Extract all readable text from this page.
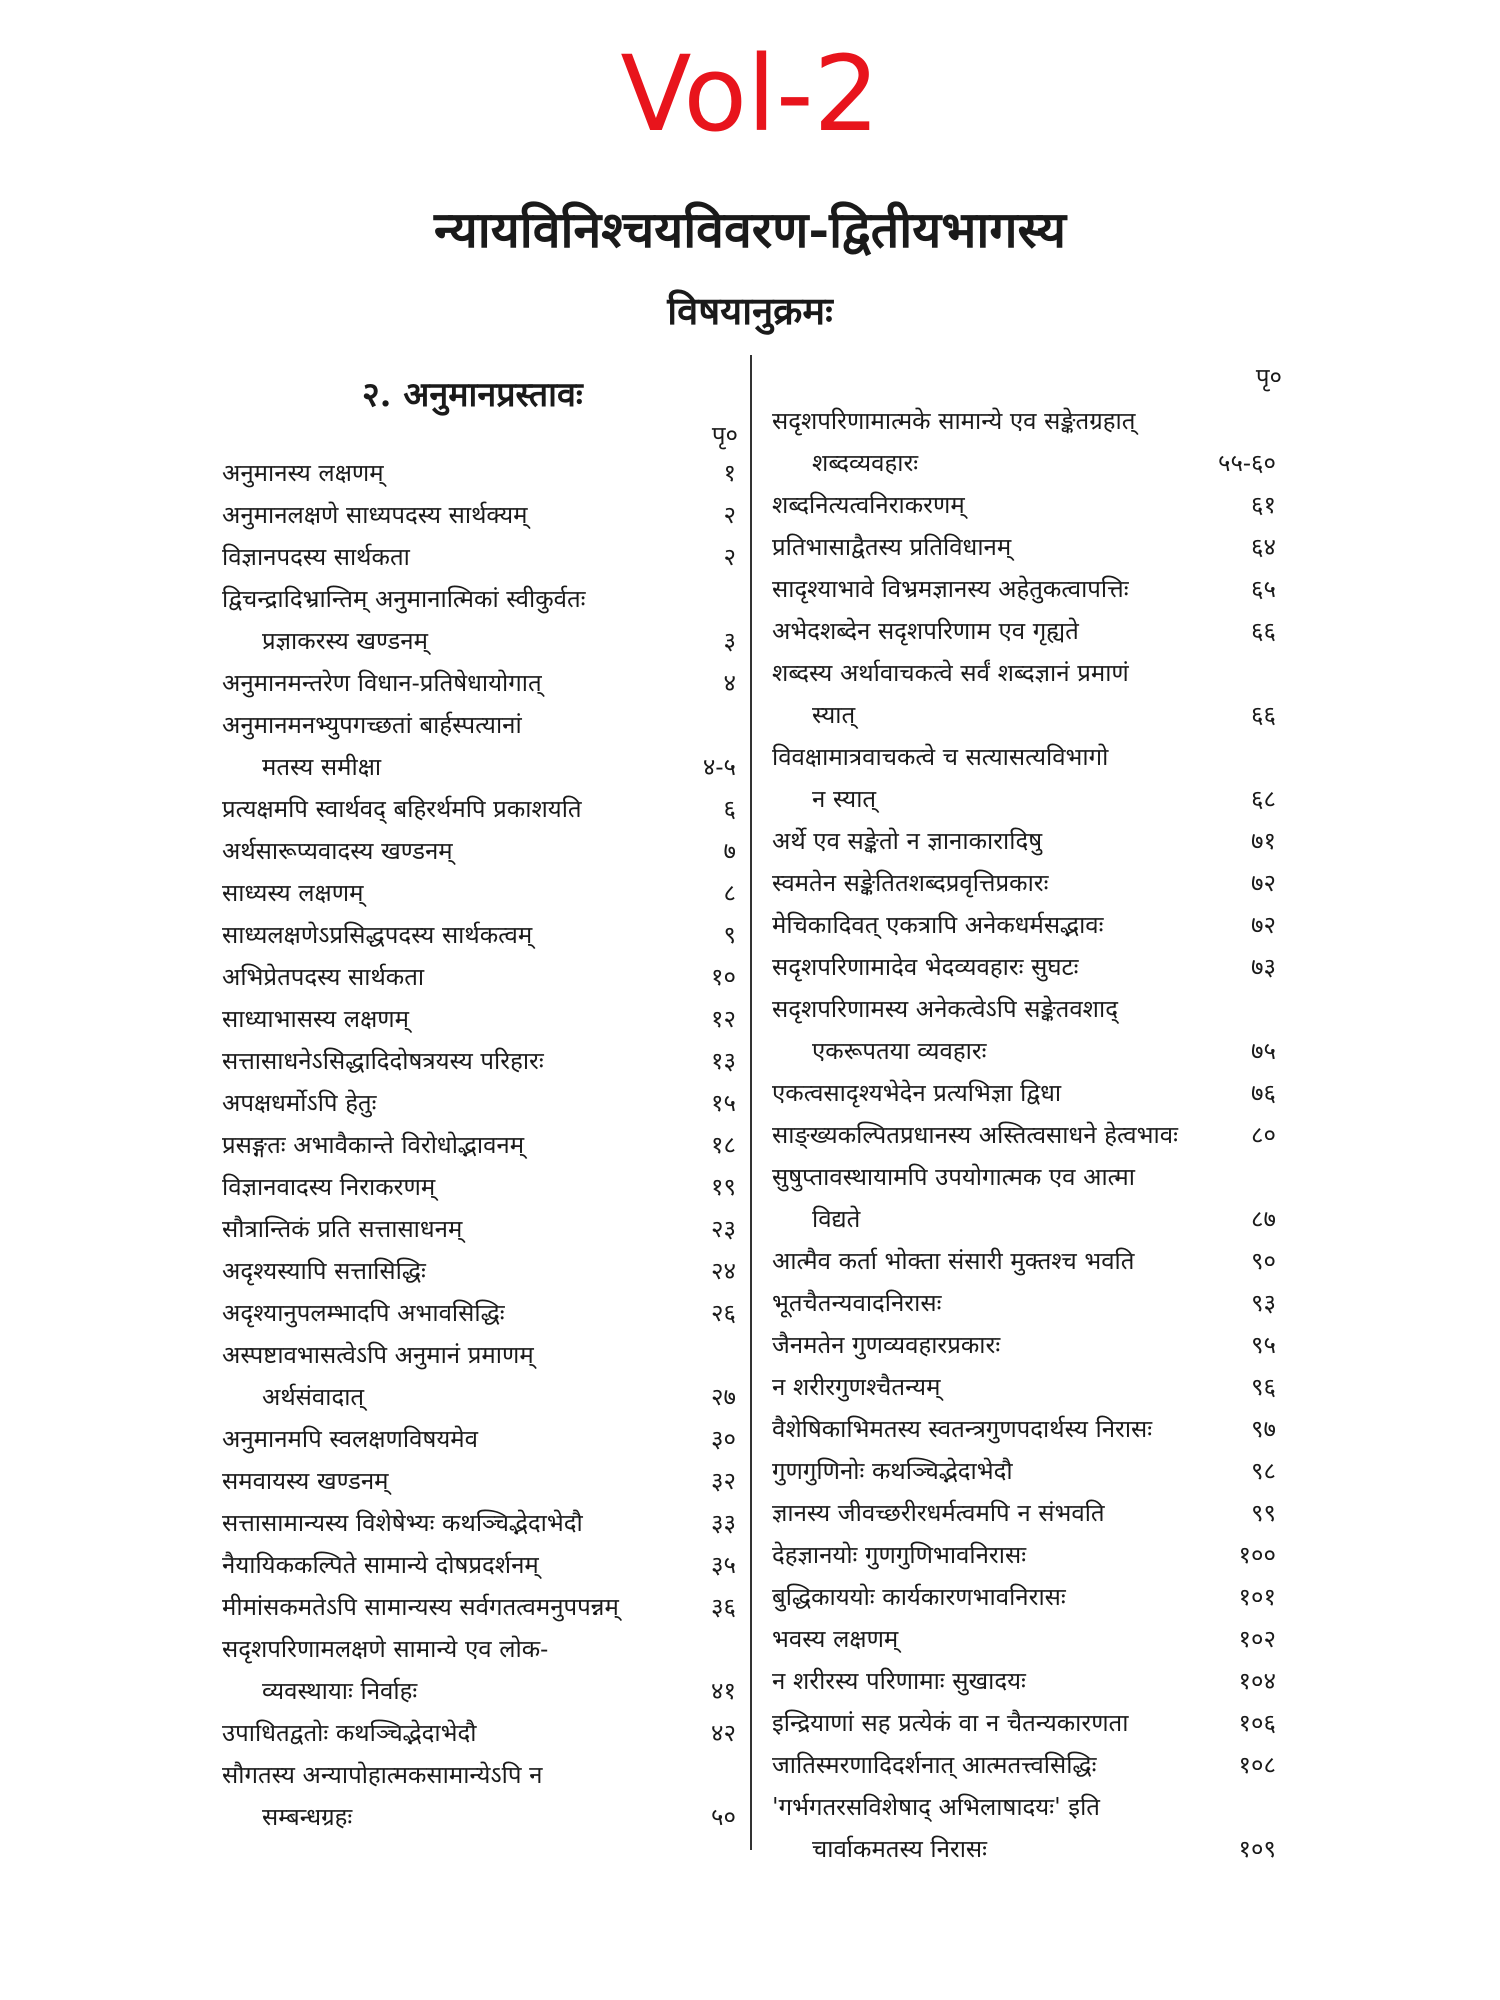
Vol-2
न्यायविनिश्चयविवरण-द्वितीयभागस्य
विषयानुक्रमः
२. अनुमानप्रस्तावः
पृ०
अनुमानस्य लक्षणम्	१
अनुमानलक्षणे साध्यपदस्य सार्थक्यम्	२
विज्ञानपदस्य सार्थकता	२
द्विचन्द्रादिभ्रान्तिम् अनुमानात्मिकां स्वीकुर्वतः
प्रज्ञाकरस्य खण्डनम्	३
अनुमानमन्तरेण विधान-प्रतिषेधायोगात्	४
अनुमानमनभ्युपगच्छतां बार्हस्पत्यानां
मतस्य समीक्षा	४-५
प्रत्यक्षमपि स्वार्थवद् बहिरर्थमपि प्रकाशयति	६
अर्थसारूप्यवादस्य खण्डनम्	७
साध्यस्य लक्षणम्	८
साध्यलक्षणेऽप्रसिद्धपदस्य सार्थकत्वम्	९
अभिप्रेतपदस्य सार्थकता	१०
साध्याभासस्य लक्षणम्	१२
सत्तासाधनेऽसिद्धादिदोषत्रयस्य परिहारः	१३
अपक्षधर्मोऽपि हेतुः	१५
प्रसङ्गतः अभावैकान्ते विरोधोद्भावनम्	१८
विज्ञानवादस्य निराकरणम्	१९
सौत्रान्तिकं प्रति सत्तासाधनम्	२३
अदृश्यस्यापि सत्तासिद्धिः	२४
अदृश्यानुपलम्भादपि अभावसिद्धिः	२६
अस्पष्टावभासत्वेऽपि अनुमानं प्रमाणम्
अर्थसंवादात्	२७
अनुमानमपि स्वलक्षणविषयमेव	३०
समवायस्य खण्डनम्	३२
सत्तासामान्यस्य विशेषेभ्यः कथञ्चिद्भेदाभेदौ	३३
नैयायिककल्पिते सामान्ये दोषप्रदर्शनम्	३५
मीमांसकमतेऽपि सामान्यस्य सर्वगतत्वमनुपपन्नम्	३६
सदृशपरिणामलक्षणे सामान्ये एव लोक-
व्यवस्थायाः निर्वाहः	४१
उपाधितद्वतोः कथञ्चिद्भेदाभेदौ	४२
सौगतस्य अन्यापोहात्मकसामान्येऽपि न
सम्बन्धग्रहः	५०
पृ०
सदृशपरिणामात्मके सामान्ये एव सङ्केतग्रहात्
शब्दव्यवहारः	५५-६०
शब्दनित्यत्वनिराकरणम्	६१
प्रतिभासाद्वैतस्य प्रतिविधानम्	६४
सादृश्याभावे विभ्रमज्ञानस्य अहेतुकत्वापत्तिः	६५
अभेदशब्देन सदृशपरिणाम एव गृह्यते	६६
शब्दस्य अर्थावाचकत्वे सर्वं शब्दज्ञानं प्रमाणं
स्यात्	६६
विवक्षामात्रवाचकत्वे च सत्यासत्यविभागो
न स्यात्	६८
अर्थे एव सङ्केतो न ज्ञानाकारादिषु	७१
स्वमतेन सङ्केतितशब्दप्रवृत्तिप्रकारः	७२
मेचिकादिवत् एकत्रापि अनेकधर्मसद्भावः	७२
सदृशपरिणामादेव भेदव्यवहारः सुघटः	७३
सदृशपरिणामस्य अनेकत्वेऽपि सङ्केतवशाद्
एकरूपतया व्यवहारः	७५
एकत्वसादृश्यभेदेन प्रत्यभिज्ञा द्विधा	७६
साङ्ख्यकल्पितप्रधानस्य अस्तित्वसाधने हेत्वभावः	८०
सुषुप्तावस्थायामपि उपयोगात्मक एव आत्मा
विद्यते	८७
आत्मैव कर्ता भोक्ता संसारी मुक्तश्च भवति	९०
भूतचैतन्यवादनिरासः	९३
जैनमतेन गुणव्यवहारप्रकारः	९५
न शरीरगुणश्चैतन्यम्	९६
वैशेषिकाभिमतस्य स्वतन्त्रगुणपदार्थस्य निरासः	९७
गुणगुणिनोः कथञ्चिद्भेदाभेदौ	९८
ज्ञानस्य जीवच्छरीरधर्मत्वमपि न संभवति	९९
देहज्ञानयोः गुणगुणिभावनिरासः	१००
बुद्धिकाययोः कार्यकारणभावनिरासः	१०१
भवस्य लक्षणम्	१०२
न शरीरस्य परिणामाः सुखादयः	१०४
इन्द्रियाणां सह प्रत्येकं वा न चैतन्यकारणता	१०६
जातिस्मरणादिदर्शनात् आत्मतत्त्वसिद्धिः	१०८
'गर्भगतरसविशेषाद् अभिलाषादयः' इति
चार्वाकमतस्य निरासः	१०९
